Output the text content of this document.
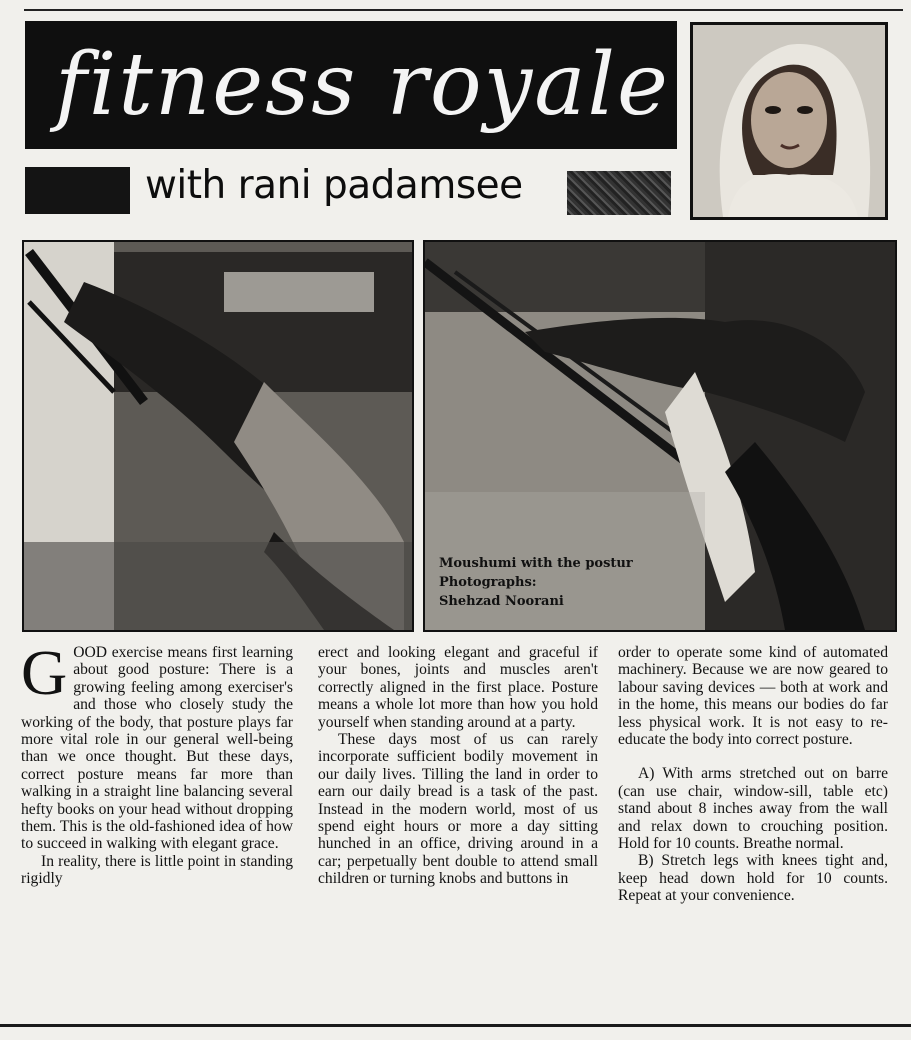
fitness royale
with rani padamsee
Moushumi with the postur
Photographs:
Shehzad Noorani

GOOD exercise means first learning about good posture: There is a growing feeling among exerciser's and those who closely study the working of the body, that posture plays far more vital role in our general well-being than we once thought. But these days, correct posture means far more than walking in a straight line balancing several hefty books on your head without dropping them. This is the old-fashioned idea of how to succeed in walking with elegant grace.

In reality, there is little point in standing rigidly

erect and looking elegant and graceful if your bones, joints and muscles aren't correctly aligned in the first place. Posture means a whole lot more than how you hold yourself when standing around at a party.

These days most of us can rarely incorporate sufficient bodily movement in our daily lives. Tilling the land in order to earn our daily bread is a task of the past. Instead in the modern world, most of us spend eight hours or more a day sitting hunched in an office, driving around in a car; perpetually bent double to attend small children or turning knobs and buttons in

order to operate some kind of automated machinery. Because we are now geared to labour saving devices — both at work and in the home, this means our bodies do far less physical work. It is not easy to re-educate the body into correct posture.

A) With arms stretched out on barre (can use chair, window-sill, table etc) stand about 8 inches away from the wall and relax down to crouching position. Hold for 10 counts. Breathe normal.

B) Stretch legs with knees tight and, keep head down hold for 10 counts. Repeat at your convenience.
